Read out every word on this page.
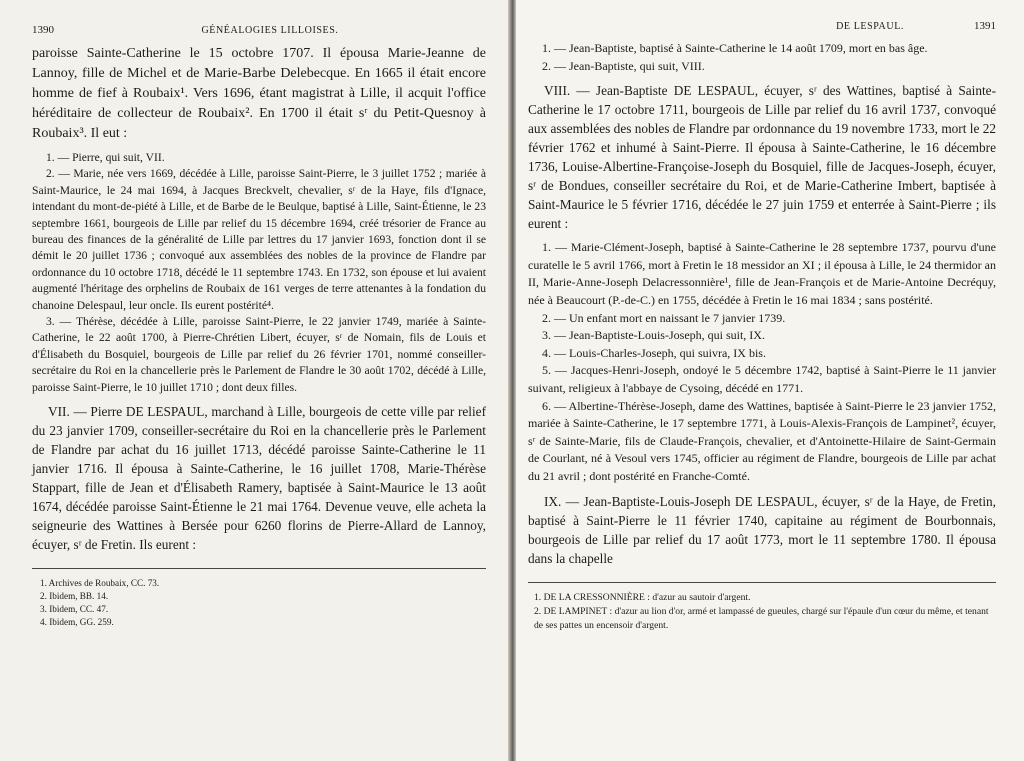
1390	GÉNÉALOGIES LILLOISES.

paroisse Sainte-Catherine le 15 octobre 1707. Il épousa Marie-Jeanne de Lannoy, fille de Michel et de Marie-Barbe Delebecque. En 1665 il était encore homme de fief à Roubaix¹. Vers 1696, étant magistrat à Lille, il acquit l'office héréditaire de collecteur de Roubaix². En 1700 il était sʳ du Petit-Quesnoy à Roubaix³. Il eut :

1. — Pierre, qui suit, VII.

2. — Marie, née vers 1669, décédée à Lille, paroisse Saint-Pierre, le 3 juillet 1752 ; mariée à Saint-Maurice, le 24 mai 1694, à Jacques Breckvelt, chevalier, sʳ de la Haye, fils d'Ignace, intendant du mont-de-piété à Lille, et de Barbe de le Beulque, baptisé à Lille, Saint-Étienne, le 23 septembre 1661, bourgeois de Lille par relief du 15 décembre 1694, créé trésorier de France au bureau des finances de la généralité de Lille par lettres du 17 janvier 1693, fonction dont il se démit le 20 juillet 1736 ; convoqué aux assemblées des nobles de la province de Flandre par ordonnance du 10 octobre 1718, décédé le 11 septembre 1743. En 1732, son épouse et lui avaient augmenté l'héritage des orphelins de Roubaix de 161 verges de terre attenantes à la fondation du chanoine Delespaul, leur oncle. Ils eurent postérité⁴.

3. — Thérèse, décédée à Lille, paroisse Saint-Pierre, le 22 janvier 1749, mariée à Sainte-Catherine, le 22 août 1700, à Pierre-Chrétien Libert, écuyer, sʳ de Nomain, fils de Louis et d'Élisabeth du Bosquiel, bourgeois de Lille par relief du 26 février 1701, nommé conseiller-secrétaire du Roi en la chancellerie près le Parlement de Flandre le 30 août 1702, décédé à Lille, paroisse Saint-Pierre, le 10 juillet 1710 ; dont deux filles.

VII. — Pierre DE LESPAUL, marchand à Lille, bourgeois de cette ville par relief du 23 janvier 1709, conseiller-secrétaire du Roi en la chancellerie près le Parlement de Flandre par achat du 16 juillet 1713, décédé paroisse Sainte-Catherine le 11 janvier 1716. Il épousa à Sainte-Catherine, le 16 juillet 1708, Marie-Thérèse Stappart, fille de Jean et d'Élisabeth Ramery, baptisée à Saint-Maurice le 13 août 1674, décédée paroisse Saint-Étienne le 21 mai 1764. Devenue veuve, elle acheta la seigneurie des Wattines à Bersée pour 6260 florins de Pierre-Allard de Lannoy, écuyer, sʳ de Fretin. Ils eurent :

1. Archives de Roubaix, CC. 73.

2. Ibidem, BB. 14.

3. Ibidem, CC. 47.

4. Ibidem, GG. 259.

DE LESPAUL.	1391

1. — Jean-Baptiste, baptisé à Sainte-Catherine le 14 août 1709, mort en bas âge.

2. — Jean-Baptiste, qui suit, VIII.

VIII. — Jean-Baptiste DE LESPAUL, écuyer, sʳ des Wattines, baptisé à Sainte-Catherine le 17 octobre 1711, bourgeois de Lille par relief du 16 avril 1737, convoqué aux assemblées des nobles de Flandre par ordonnance du 19 novembre 1733, mort le 22 février 1762 et inhumé à Saint-Pierre. Il épousa à Sainte-Catherine, le 16 décembre 1736, Louise-Albertine-Françoise-Joseph du Bosquiel, fille de Jacques-Joseph, écuyer, sʳ de Bondues, conseiller secrétaire du Roi, et de Marie-Catherine Imbert, baptisée à Saint-Maurice le 5 février 1716, décédée le 27 juin 1759 et enterrée à Saint-Pierre ; ils eurent :

1. — Marie-Clément-Joseph, baptisé à Sainte-Catherine le 28 septembre 1737, pourvu d'une curatelle le 5 avril 1766, mort à Fretin le 18 messidor an XI ; il épousa à Lille, le 24 thermidor an II, Marie-Anne-Joseph Delacressonnière¹, fille de Jean-François et de Marie-Antoine Decréquy, née à Beaucourt (P.-de-C.) en 1755, décédée à Fretin le 16 mai 1834 ; sans postérité.

2. — Un enfant mort en naissant le 7 janvier 1739.

3. — Jean-Baptiste-Louis-Joseph, qui suit, IX.

4. — Louis-Charles-Joseph, qui suivra, IX bis.

5. — Jacques-Henri-Joseph, ondoyé le 5 décembre 1742, baptisé à Saint-Pierre le 11 janvier suivant, religieux à l'abbaye de Cysoing, décédé en 1771.

6. — Albertine-Thérèse-Joseph, dame des Wattines, baptisée à Saint-Pierre le 23 janvier 1752, mariée à Sainte-Catherine, le 17 septembre 1771, à Louis-Alexis-François de Lampinet², écuyer, sʳ de Sainte-Marie, fils de Claude-François, chevalier, et d'Antoinette-Hilaire de Saint-Germain de Courlant, né à Vesoul vers 1745, officier au régiment de Flandre, bourgeois de Lille par achat du 21 avril ; dont postérité en Franche-Comté.

IX. — Jean-Baptiste-Louis-Joseph DE LESPAUL, écuyer, sʳ de la Haye, de Fretin, baptisé à Saint-Pierre le 11 février 1740, capitaine au régiment de Bourbonnais, bourgeois de Lille par relief du 17 août 1773, mort le 11 septembre 1780. Il épousa dans la chapelle

1. DE LA CRESSONNIÈRE : d'azur au sautoir d'argent.

2. DE LAMPINET : d'azur au lion d'or, armé et lampassé de gueules, chargé sur l'épaule d'un cœur du même, et tenant de ses pattes un encensoir d'argent.
